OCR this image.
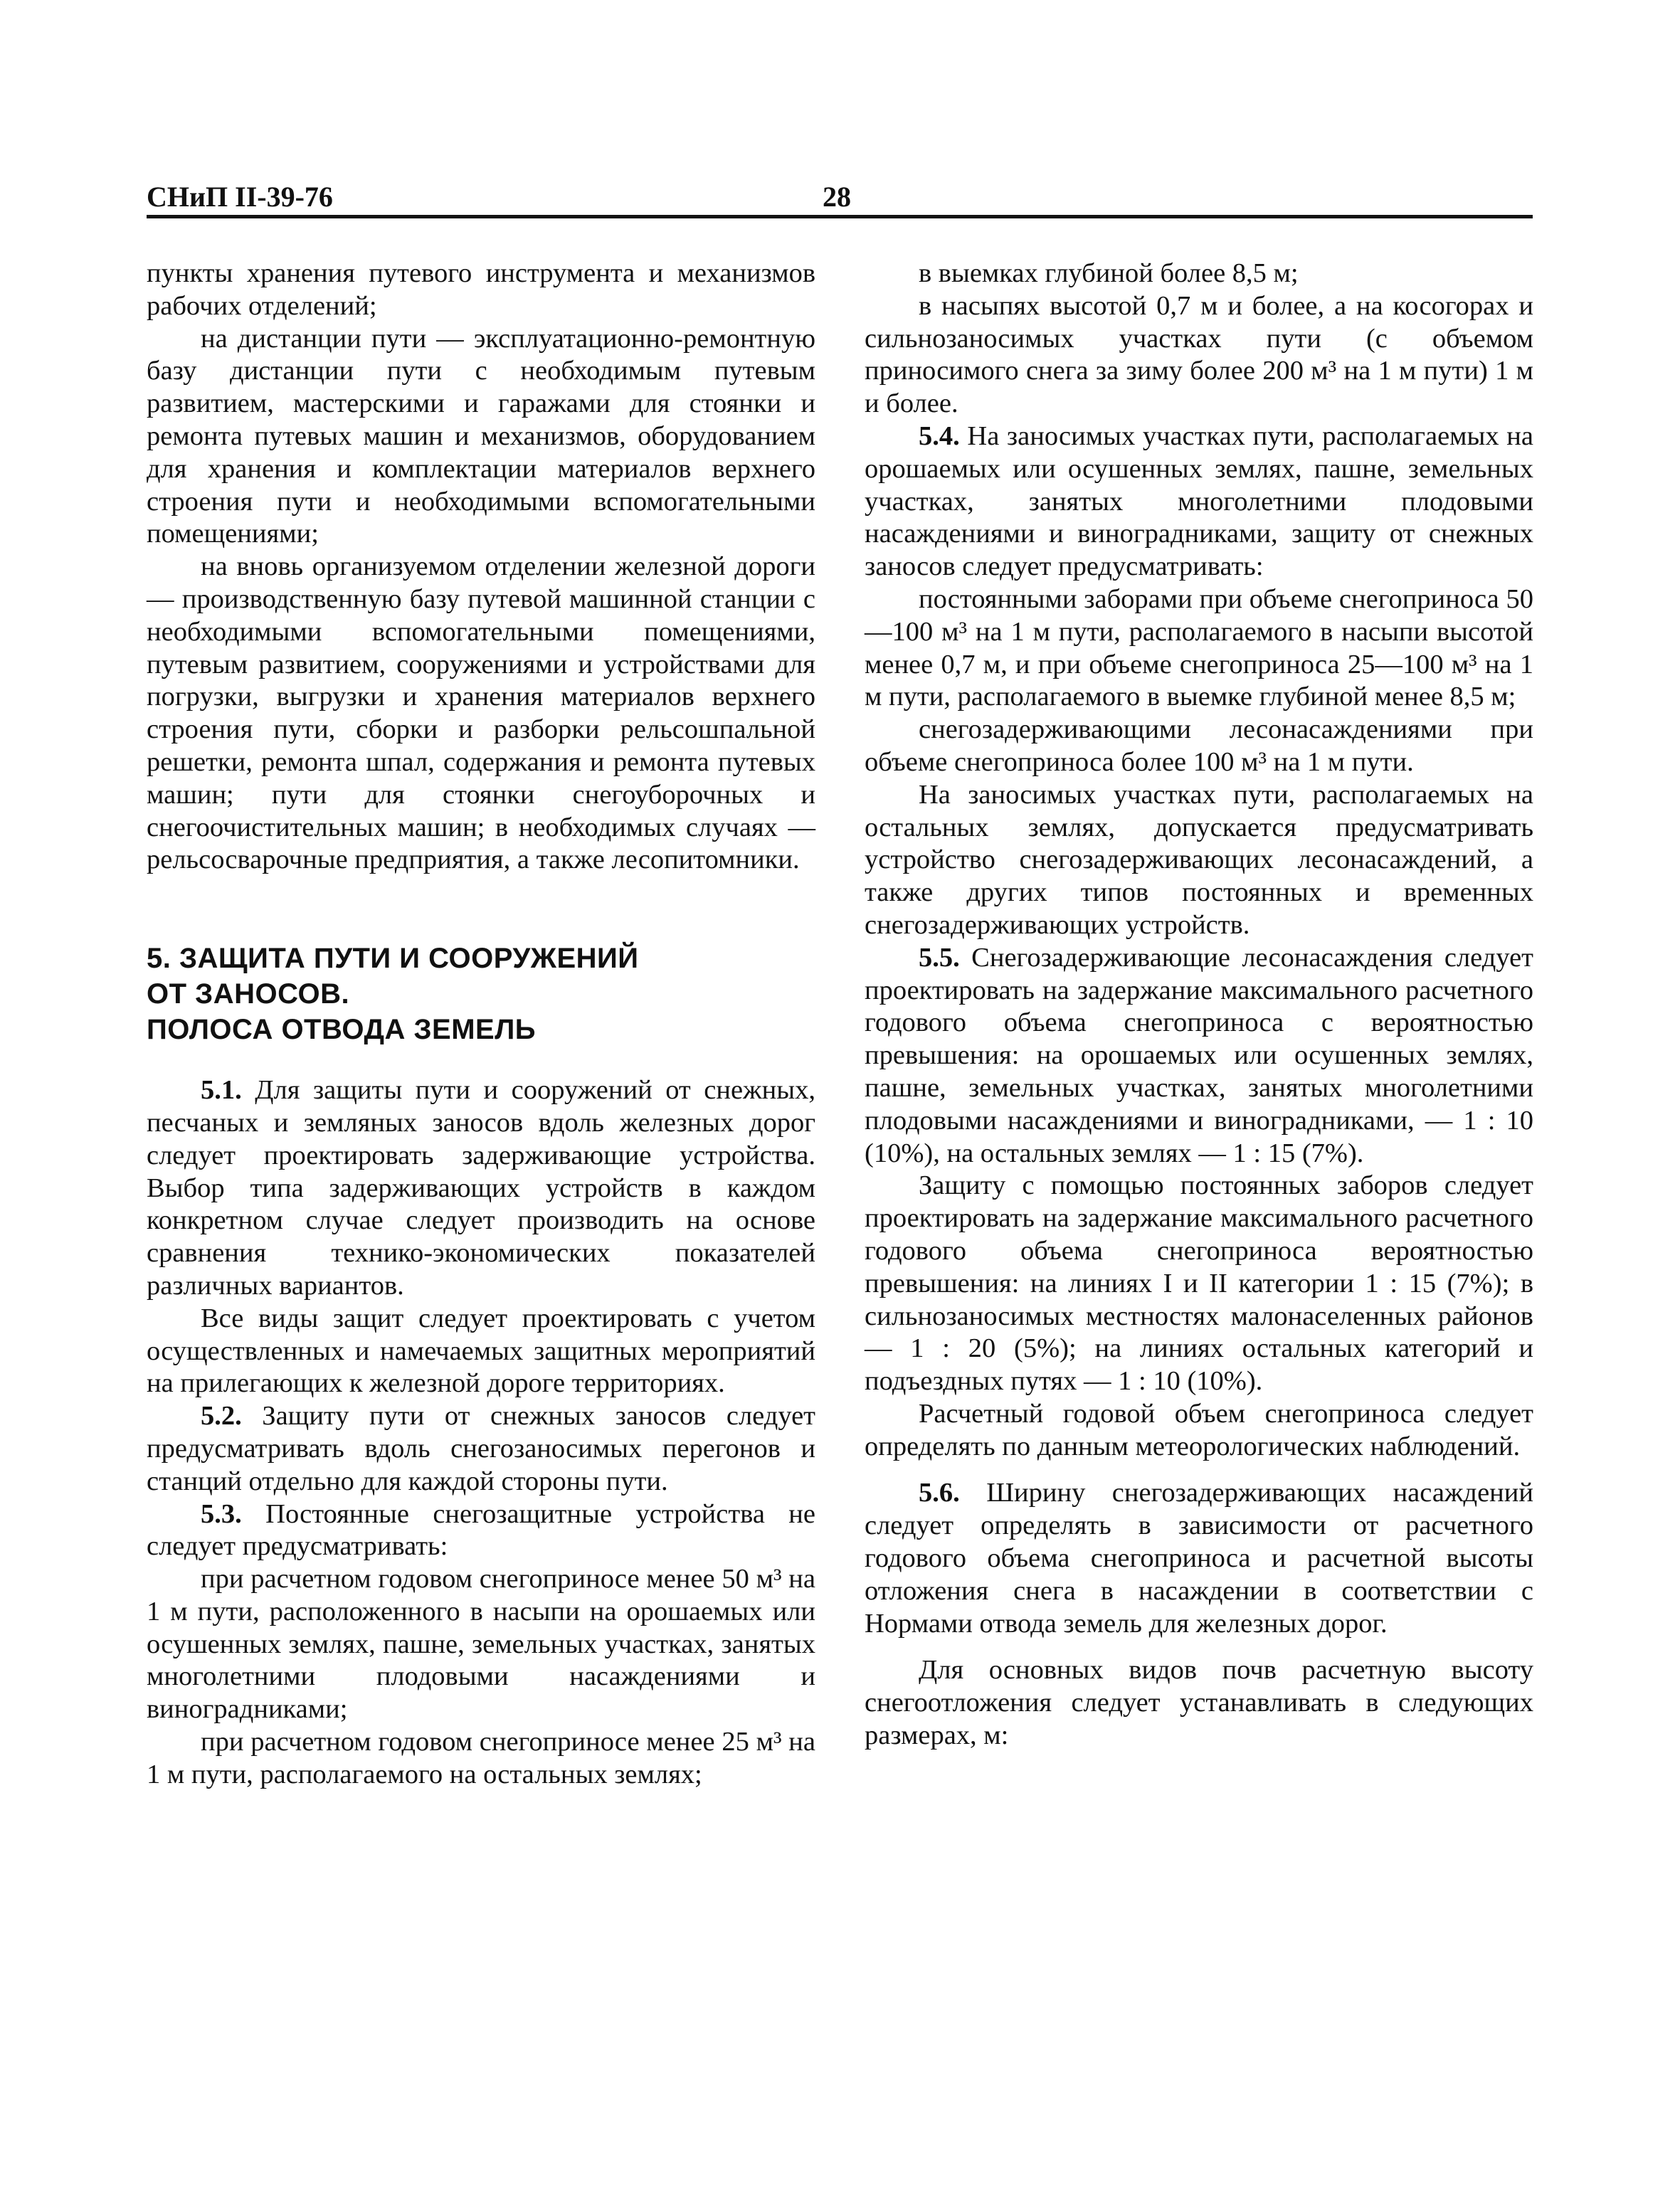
СНиП II-39-76	28

пункты хранения путевого инструмента и механизмов рабочих отделений;

на дистанции пути — эксплуатационно-ремонтную базу дистанции пути с необходимым путевым развитием, мастерскими и гаражами для стоянки и ремонта путевых машин и механизмов, оборудованием для хранения и комплектации материалов верхнего строения пути и необходимыми вспомогательными помещениями;

на вновь организуемом отделении железной дороги — производственную базу путевой машинной станции с необходимыми вспомогательными помещениями, путевым развитием, сооружениями и устройствами для погрузки, выгрузки и хранения материалов верхнего строения пути, сборки и разборки рельсошпальной решетки, ремонта шпал, содержания и ремонта путевых машин; пути для стоянки снегоуборочных и снегоочистительных машин; в необходимых случаях — рельсосварочные предприятия, а также лесопитомники.

5. ЗАЩИТА ПУТИ И СООРУЖЕНИЙ
ОТ ЗАНОСОВ.
ПОЛОСА ОТВОДА ЗЕМЕЛЬ

5.1. Для защиты пути и сооружений от снежных, песчаных и земляных заносов вдоль железных дорог следует проектировать задерживающие устройства. Выбор типа задерживающих устройств в каждом конкретном случае следует производить на основе сравнения технико-экономических показателей различных вариантов.

Все виды защит следует проектировать с учетом осуществленных и намечаемых защитных мероприятий на прилегающих к железной дороге территориях.

5.2. Защиту пути от снежных заносов следует предусматривать вдоль снегозаносимых перегонов и станций отдельно для каждой стороны пути.

5.3. Постоянные снегозащитные устройства не следует предусматривать:

при расчетном годовом снегоприносе менее 50 м³ на 1 м пути, расположенного в насыпи на орошаемых или осушенных землях, пашне, земельных участках, занятых многолетними плодовыми насаждениями и виноградниками;

при расчетном годовом снегоприносе менее 25 м³ на 1 м пути, располагаемого на остальных землях;

в выемках глубиной более 8,5 м;

в насыпях высотой 0,7 м и более, а на косогорах и сильнозаносимых участках пути (с объемом приносимого снега за зиму более 200 м³ на 1 м пути) 1 м и более.

5.4. На заносимых участках пути, располагаемых на орошаемых или осушенных землях, пашне, земельных участках, занятых многолетними плодовыми насаждениями и виноградниками, защиту от снежных заносов следует предусматривать:

постоянными заборами при объеме снегоприноса 50—100 м³ на 1 м пути, располагаемого в насыпи высотой менее 0,7 м, и при объеме снегоприноса 25—100 м³ на 1 м пути, располагаемого в выемке глубиной менее 8,5 м;

снегозадерживающими лесонасаждениями при объеме снегоприноса более 100 м³ на 1 м пути.

На заносимых участках пути, располагаемых на остальных землях, допускается предусматривать устройство снегозадерживающих лесонасаждений, а также других типов постоянных и временных снегозадерживающих устройств.

5.5. Снегозадерживающие лесонасаждения следует проектировать на задержание максимального расчетного годового объема снегоприноса с вероятностью превышения: на орошаемых или осушенных землях, пашне, земельных участках, занятых многолетними плодовыми насаждениями и виноградниками, — 1 : 10 (10%), на остальных землях — 1 : 15 (7%).

Защиту с помощью постоянных заборов следует проектировать на задержание максимального расчетного годового объема снегоприноса вероятностью превышения: на линиях I и II категории 1 : 15 (7%); в сильнозаносимых местностях малонаселенных районов — 1 : 20 (5%); на линиях остальных категорий и подъездных путях — 1 : 10 (10%).

Расчетный годовой объем снегоприноса следует определять по данным метеорологических наблюдений.

5.6. Ширину снегозадерживающих насаждений следует определять в зависимости от расчетного годового объема снегоприноса и расчетной высоты отложения снега в насаждении в соответствии с Нормами отвода земель для железных дорог.

Для основных видов почв расчетную высоту снегоотложения следует устанавливать в следующих размерах, м:
